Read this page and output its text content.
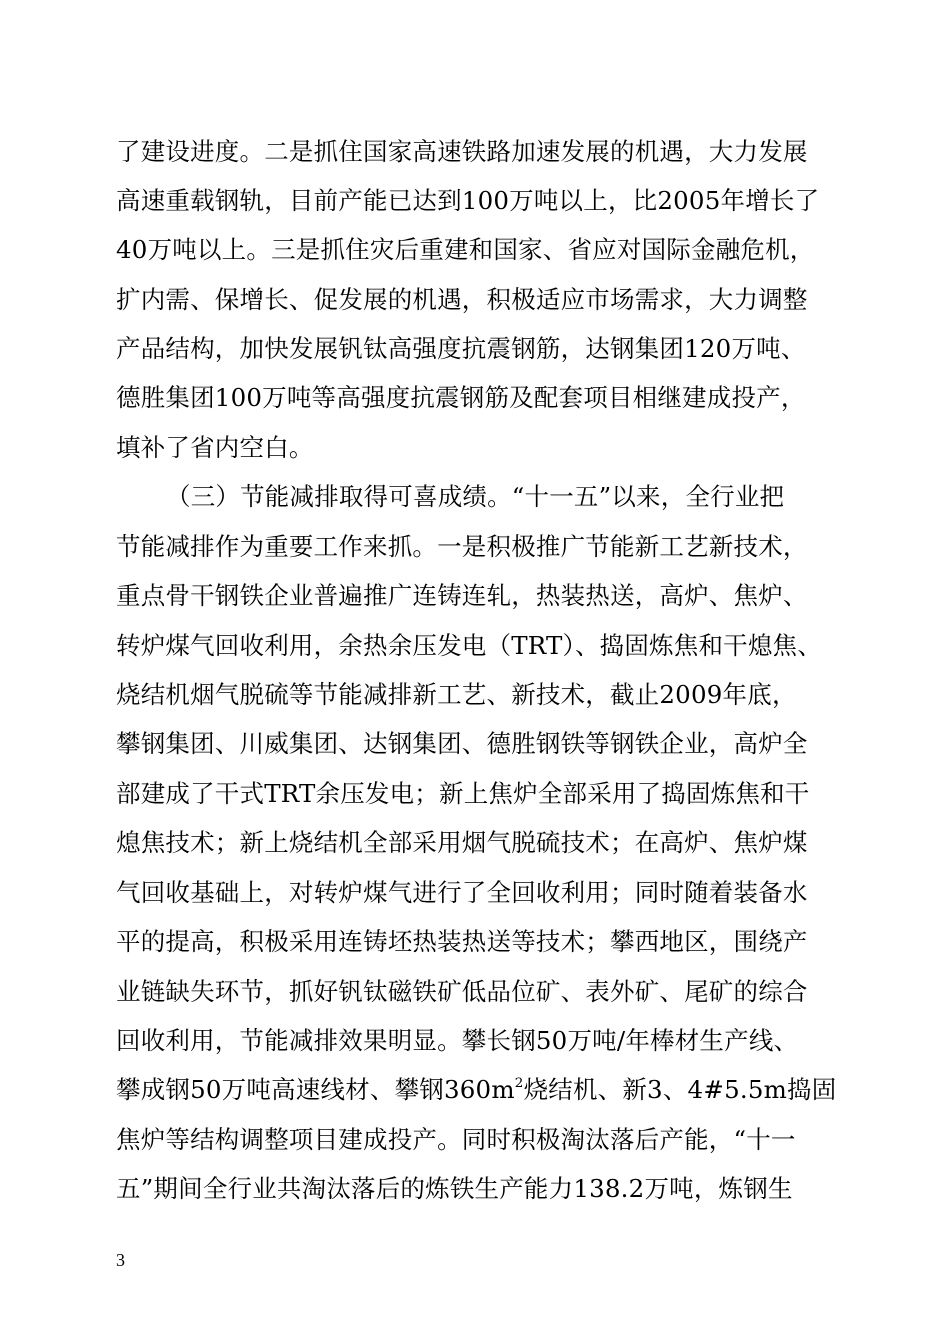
了建设进度。二是抓住国家高速铁路加速发展的机遇，大力发展
高速重载钢轨，目前产能已达到100万吨以上，比2005年增长了
40万吨以上。三是抓住灾后重建和国家、省应对国际金融危机，
扩内需、保增长、促发展的机遇，积极适应市场需求，大力调整
产品结构，加快发展钒钛高强度抗震钢筋，达钢集团120万吨、
德胜集团100万吨等高强度抗震钢筋及配套项目相继建成投产，
填补了省内空白。
（三）节能减排取得可喜成绩。“十一五”以来，全行业把
节能减排作为重要工作来抓。一是积极推广节能新工艺新技术，
重点骨干钢铁企业普遍推广连铸连轧，热装热送，高炉、焦炉、
转炉煤气回收利用，余热余压发电（TRT）、捣固炼焦和干熄焦、
烧结机烟气脱硫等节能减排新工艺、新技术，截止2009年底，
攀钢集团、川威集团、达钢集团、德胜钢铁等钢铁企业，高炉全
部建成了干式TRT余压发电；新上焦炉全部采用了捣固炼焦和干
熄焦技术；新上烧结机全部采用烟气脱硫技术；在高炉、焦炉煤
气回收基础上，对转炉煤气进行了全回收利用；同时随着装备水
平的提高，积极采用连铸坯热装热送等技术；攀西地区，围绕产
业链缺失环节，抓好钒钛磁铁矿低品位矿、表外矿、尾矿的综合
回收利用，节能减排效果明显。攀长钢50万吨/年棒材生产线、
攀成钢50万吨高速线材、攀钢$360m^2$烧结机、新3、4#5.5m捣固
焦炉等结构调整项目建成投产。同时积极淘汰落后产能，“十一
五”期间全行业共淘汰落后的炼铁生产能力138.2万吨，炼钢生
3
